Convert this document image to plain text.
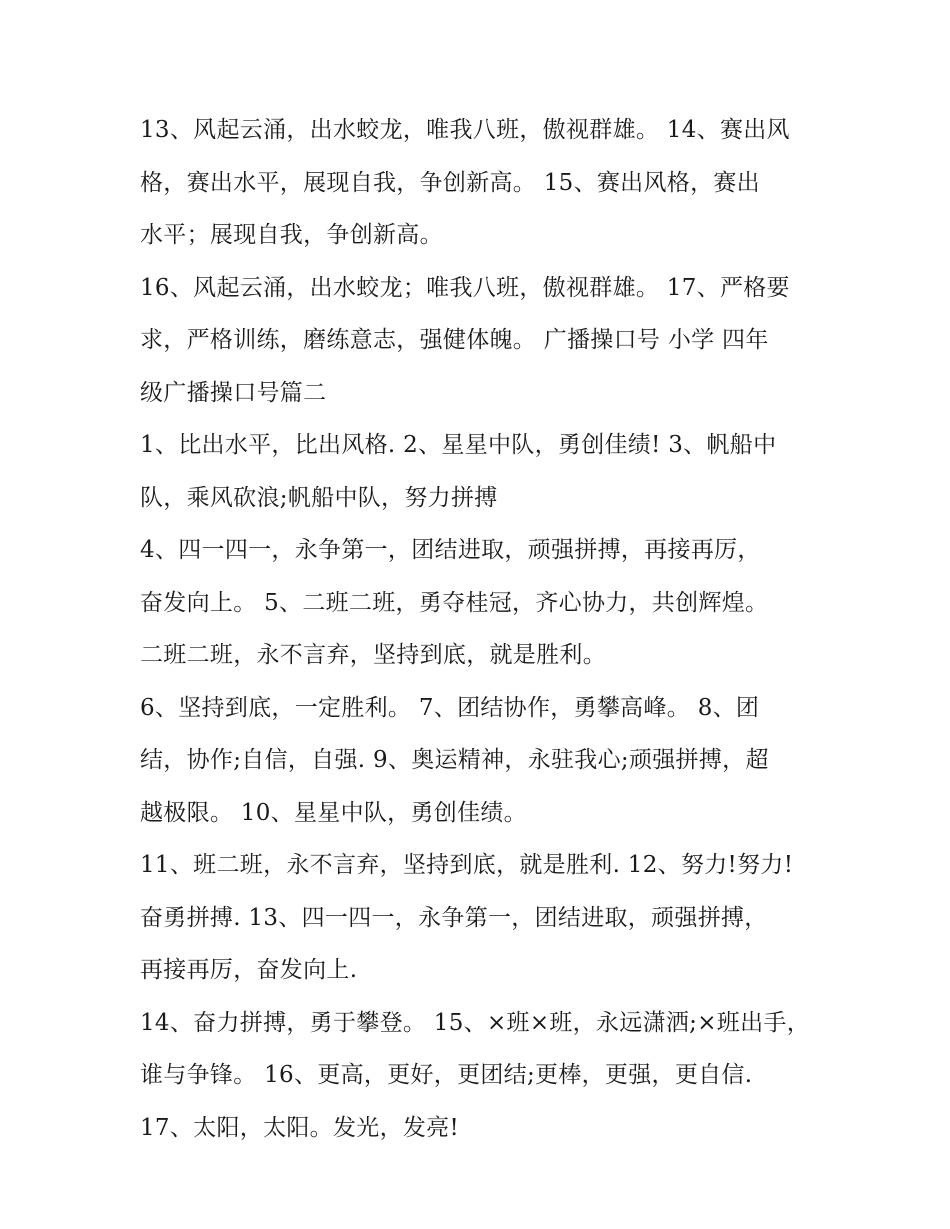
13、风起云涌，出水蛟龙，唯我八班，傲视群雄。 14、赛出风
格，赛出水平，展现自我，争创新高。 15、赛出风格，赛出
水平；展现自我，争创新高。
16、风起云涌，出水蛟龙；唯我八班，傲视群雄。 17、严格要
求，严格训练，磨练意志，强健体魄。 广播操口号 小学 四年
级广播操口号篇二
1、比出水平，比出风格. 2、星星中队，勇创佳绩! 3、帆船中
队，乘风砍浪;帆船中队，努力拼搏
4、四一四一，永争第一，团结进取，顽强拼搏，再接再厉，
奋发向上。 5、二班二班，勇夺桂冠，齐心协力，共创辉煌。
二班二班，永不言弃，坚持到底，就是胜利。
6、坚持到底，一定胜利。 7、团结协作，勇攀高峰。 8、团
结，协作;自信，自强. 9、奥运精神，永驻我心;顽强拼搏，超
越极限。 10、星星中队，勇创佳绩。
11、班二班，永不言弃，坚持到底，就是胜利. 12、努力!努力!
奋勇拼搏. 13、四一四一，永争第一，团结进取，顽强拼搏，
再接再厉，奋发向上.
14、奋力拼搏，勇于攀登。 15、×班×班，永远潇洒;×班出手，
谁与争锋。 16、更高，更好，更团结;更棒，更强，更自信.
17、太阳，太阳。发光，发亮!
